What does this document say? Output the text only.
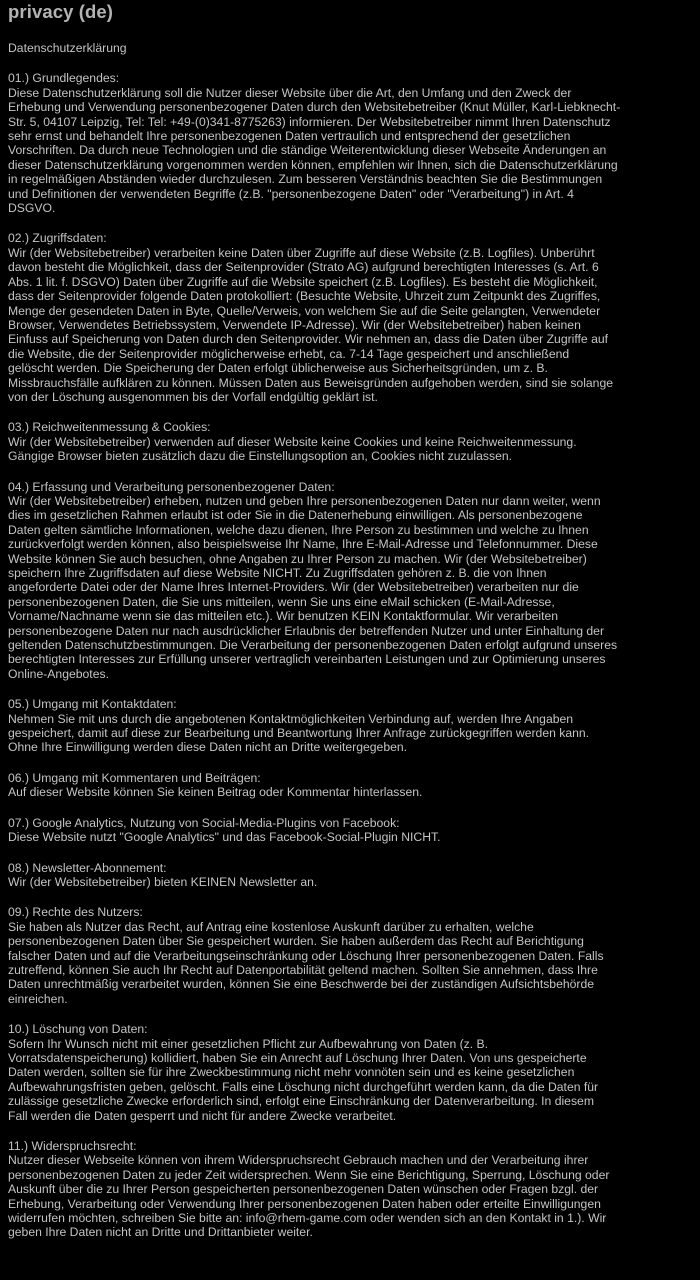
privacy (de)

Datenschutzerklärung

01.) Grundlegendes:

Diese Datenschutzerklärung soll die Nutzer dieser Website über die Art, den Umfang und den Zweck der
Erhebung und Verwendung personenbezogener Daten durch den Websitebetreiber (Knut Müller, Karl-Liebknecht-
Str. 5, 04107 Leipzig, Tel: Tel: +49-(0)341-8775263) informieren. Der Websitebetreiber nimmt Ihren Datenschutz
sehr ernst und behandelt Ihre personenbezogenen Daten vertraulich und entsprechend der gesetzlichen
Vorschriften. Da durch neue Technologien und die ständige Weiterentwicklung dieser Webseite Änderungen an
dieser Datenschutzerklärung vorgenommen werden können, empfehlen wir Ihnen, sich die Datenschutzerklärung
in regelmäßigen Abständen wieder durchzulesen. Zum besseren Verständnis beachten Sie die Bestimmungen
und Definitionen der verwendeten Begriffe (z.B. "personenbezogene Daten" oder "Verarbeitung") in Art. 4
DSGVO.

02.) Zugriffsdaten:

Wir (der Websitebetreiber) verarbeiten keine Daten über Zugriffe auf diese Website (z.B. Logfiles). Unberührt
davon besteht die Möglichkeit, dass der Seitenprovider (Strato AG) aufgrund berechtigten Interesses (s. Art. 6
Abs. 1 lit. f. DSGVO) Daten über Zugriffe auf die Website speichert (z.B. Logfiles). Es besteht die Möglichkeit,
dass der Seitenprovider folgende Daten protokolliert: (Besuchte Website, Uhrzeit zum Zeitpunkt des Zugriffes,
Menge der gesendeten Daten in Byte, Quelle/Verweis, von welchem Sie auf die Seite gelangten, Verwendeter
Browser, Verwendetes Betriebssystem, Verwendete IP-Adresse). Wir (der Websitebetreiber) haben keinen
Einfuss auf Speicherung von Daten durch den Seitenprovider. Wir nehmen an, dass die Daten über Zugriffe auf
die Website, die der Seitenprovider möglicherweise erhebt, ca. 7-14 Tage gespeichert und anschließend
gelöscht werden. Die Speicherung der Daten erfolgt üblicherweise aus Sicherheitsgründen, um z. B.
Missbrauchsfälle aufklären zu können. Müssen Daten aus Beweisgründen aufgehoben werden, sind sie solange
von der Löschung ausgenommen bis der Vorfall endgültig geklärt ist.

03.) Reichweitenmessung & Cookies:

Wir (der Websitebetreiber) verwenden auf dieser Website keine Cookies und keine Reichweitenmessung.
Gängige Browser bieten zusätzlich dazu die Einstellungsoption an, Cookies nicht zuzulassen.

04.) Erfassung und Verarbeitung personenbezogener Daten:

Wir (der Websitebetreiber) erheben, nutzen und geben Ihre personenbezogenen Daten nur dann weiter, wenn
dies im gesetzlichen Rahmen erlaubt ist oder Sie in die Datenerhebung einwilligen. Als personenbezogene
Daten gelten sämtliche Informationen, welche dazu dienen, Ihre Person zu bestimmen und welche zu Ihnen
zurückverfolgt werden können, also beispielsweise Ihr Name, Ihre E-Mail-Adresse und Telefonnummer. Diese
Website können Sie auch besuchen, ohne Angaben zu Ihrer Person zu machen. Wir (der Websitebetreiber)
speichern Ihre Zugriffsdaten auf diese Website NICHT. Zu Zugriffsdaten gehören z. B. die von Ihnen
angeforderte Datei oder der Name Ihres Internet-Providers. Wir (der Websitebetreiber) verarbeiten nur die
personenbezogenen Daten, die Sie uns mitteilen, wenn Sie uns eine eMail schicken (E-Mail-Adresse,
Vorname/Nachname wenn sie das mitteilen etc.). Wir benutzen KEIN Kontaktformular. Wir verarbeiten
personenbezogene Daten nur nach ausdrücklicher Erlaubnis der betreffenden Nutzer und unter Einhaltung der
geltenden Datenschutzbestimmungen. Die Verarbeitung der personenbezogenen Daten erfolgt aufgrund unseres
berechtigten Interesses zur Erfüllung unserer vertraglich vereinbarten Leistungen und zur Optimierung unseres
Online-Angebotes.

05.) Umgang mit Kontaktdaten:

Nehmen Sie mit uns durch die angebotenen Kontaktmöglichkeiten Verbindung auf, werden Ihre Angaben
gespeichert, damit auf diese zur Bearbeitung und Beantwortung Ihrer Anfrage zurückgegriffen werden kann.
Ohne Ihre Einwilligung werden diese Daten nicht an Dritte weitergegeben.

06.) Umgang mit Kommentaren und Beiträgen:

Auf dieser Website können Sie keinen Beitrag oder Kommentar hinterlassen.

07.) Google Analytics, Nutzung von Social-Media-Plugins von Facebook:

Diese Website nutzt "Google Analytics" und das Facebook-Social-Plugin NICHT.

08.) Newsletter-Abonnement:

Wir (der Websitebetreiber) bieten KEINEN Newsletter an.

09.) Rechte des Nutzers:

Sie haben als Nutzer das Recht, auf Antrag eine kostenlose Auskunft darüber zu erhalten, welche
personenbezogenen Daten über Sie gespeichert wurden. Sie haben außerdem das Recht auf Berichtigung
falscher Daten und auf die Verarbeitungseinschränkung oder Löschung Ihrer personenbezogenen Daten. Falls
zutreffend, können Sie auch Ihr Recht auf Datenportabilität geltend machen. Sollten Sie annehmen, dass Ihre
Daten unrechtmäßig verarbeitet wurden, können Sie eine Beschwerde bei der zuständigen Aufsichtsbehörde
einreichen.

10.) Löschung von Daten:

Sofern Ihr Wunsch nicht mit einer gesetzlichen Pflicht zur Aufbewahrung von Daten (z. B.
Vorratsdatenspeicherung) kollidiert, haben Sie ein Anrecht auf Löschung Ihrer Daten. Von uns gespeicherte
Daten werden, sollten sie für ihre Zweckbestimmung nicht mehr vonnöten sein und es keine gesetzlichen
Aufbewahrungsfristen geben, gelöscht. Falls eine Löschung nicht durchgeführt werden kann, da die Daten für
zulässige gesetzliche Zwecke erforderlich sind, erfolgt eine Einschränkung der Datenverarbeitung. In diesem
Fall werden die Daten gesperrt und nicht für andere Zwecke verarbeitet.

11.) Widerspruchsrecht:

Nutzer dieser Webseite können von ihrem Widerspruchsrecht Gebrauch machen und der Verarbeitung ihrer
personenbezogenen Daten zu jeder Zeit widersprechen. Wenn Sie eine Berichtigung, Sperrung, Löschung oder
Auskunft über die zu Ihrer Person gespeicherten personenbezogenen Daten wünschen oder Fragen bzgl. der
Erhebung, Verarbeitung oder Verwendung Ihrer personenbezogenen Daten haben oder erteilte Einwilligungen
widerrufen möchten, schreiben Sie bitte an: info@rhem-game.com oder wenden sich an den Kontakt in 1.). Wir
geben Ihre Daten nicht an Dritte und Drittanbieter weiter.
